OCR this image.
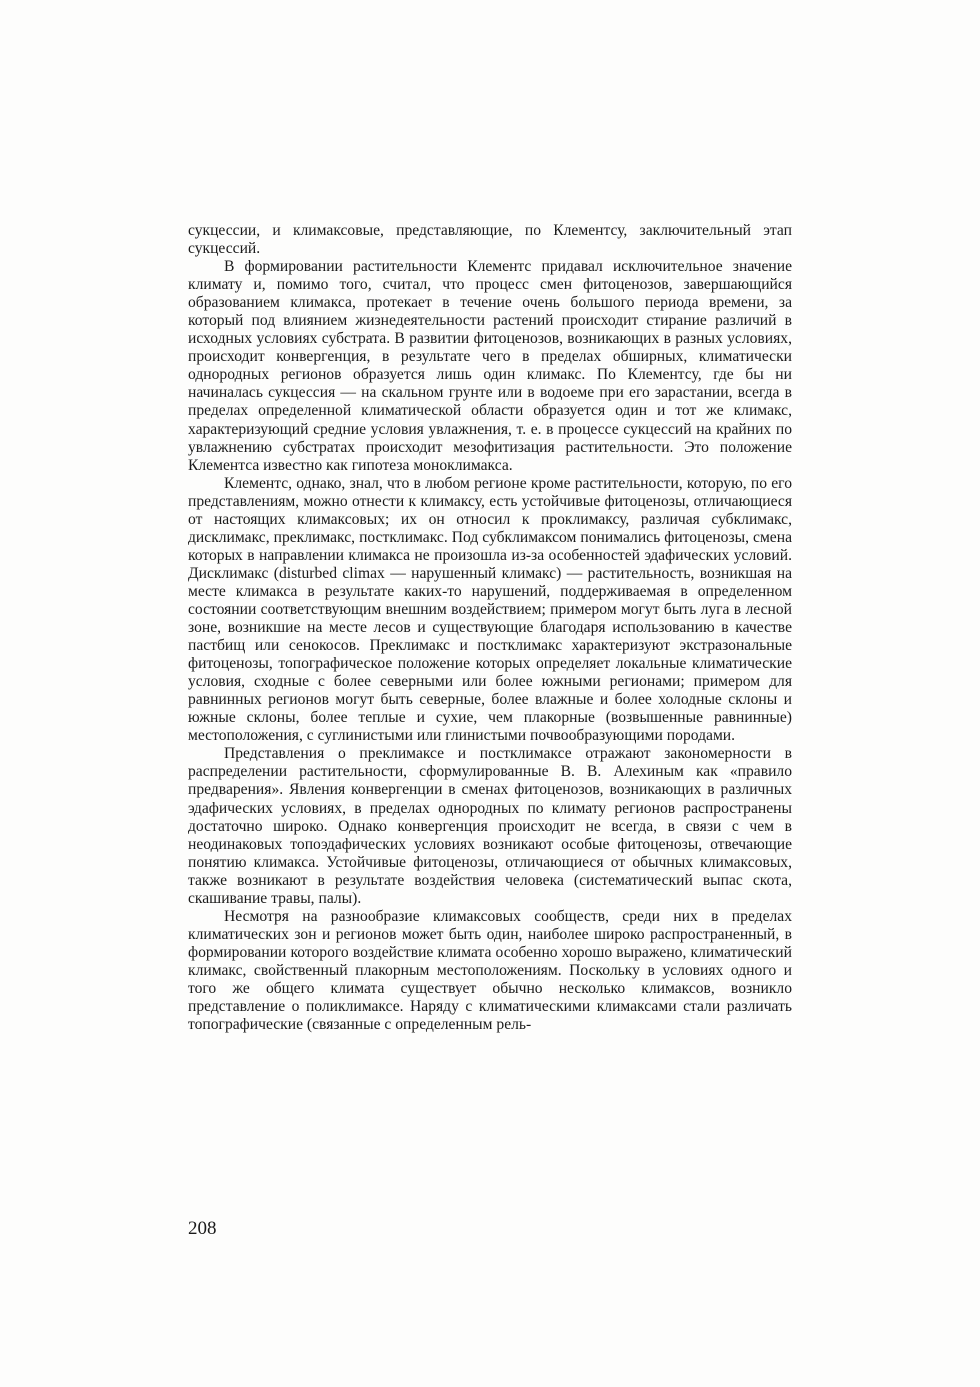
сукцессии, и климаксовые, представляющие, по Клементсу, заключительный этап сукцессий.

В формировании растительности Клементс придавал исключительное значение климату и, помимо того, считал, что процесс смен фитоценозов, завершающийся образованием климакса, протекает в течение очень большого периода времени, за который под влиянием жизнедеятельности растений происходит стирание различий в исходных условиях субстрата. В развитии фитоценозов, возникающих в разных условиях, происходит конвергенция, в результате чего в пределах обширных, климатически однородных регионов образуется лишь один климакс. По Клементсу, где бы ни начиналась сукцессия — на скальном грунте или в водоеме при его зарастании, всегда в пределах определенной климатической области образуется один и тот же климакс, характеризующий средние условия увлажнения, т. е. в процессе сукцессий на крайних по увлажнению субстратах происходит мезофитизация растительности. Это положение Клементса известно как гипотеза моноклимакса.

Клементс, однако, знал, что в любом регионе кроме растительности, которую, по его представлениям, можно отнести к климаксу, есть устойчивые фитоценозы, отличающиеся от настоящих климаксовых; их он относил к проклимаксу, различая субклимакс, дисклимакс, преклимакс, постклимакс. Под субклимаксом понимались фитоценозы, смена которых в направлении климакса не произошла из-за особенностей эдафических условий. Дисклимакс (disturbed climax — нарушенный климакс) — растительность, возникшая на месте климакса в результате каких-то нарушений, поддерживаемая в определенном состоянии соответствующим внешним воздействием; примером могут быть луга в лесной зоне, возникшие на месте лесов и существующие благодаря использованию в качестве пастбищ или сенокосов. Преклимакс и постклимакс характеризуют экстразональные фитоценозы, топографическое положение которых определяет локальные климатические условия, сходные с более северными или более южными регионами; примером для равнинных регионов могут быть северные, более влажные и более холодные склоны и южные склоны, более теплые и сухие, чем плакорные (возвышенные равнинные) местоположения, с суглинистыми или глинистыми почвообразующими породами.

Представления о преклимаксе и постклимаксе отражают закономерности в распределении растительности, сформулированные В. В. Алехиным как «правило предварения». Явления конвергенции в сменах фитоценозов, возникающих в различных эдафических условиях, в пределах однородных по климату регионов распространены достаточно широко. Однако конвергенция происходит не всегда, в связи с чем в неодинаковых топоэдафических условиях возникают особые фитоценозы, отвечающие понятию климакса. Устойчивые фитоценозы, отличающиеся от обычных климаксовых, также возникают в результате воздействия человека (систематический выпас скота, скашивание травы, палы).

Несмотря на разнообразие климаксовых сообществ, среди них в пределах климатических зон и регионов может быть один, наиболее широко распространенный, в формировании которого воздействие климата особенно хорошо выражено, климатический климакс, свойственный плакорным местоположениям. Поскольку в условиях одного и того же общего климата существует обычно несколько климаксов, возникло представление о поликлимаксе. Наряду с климатическими климаксами стали различать топографические (связанные с определенным рель-

208
